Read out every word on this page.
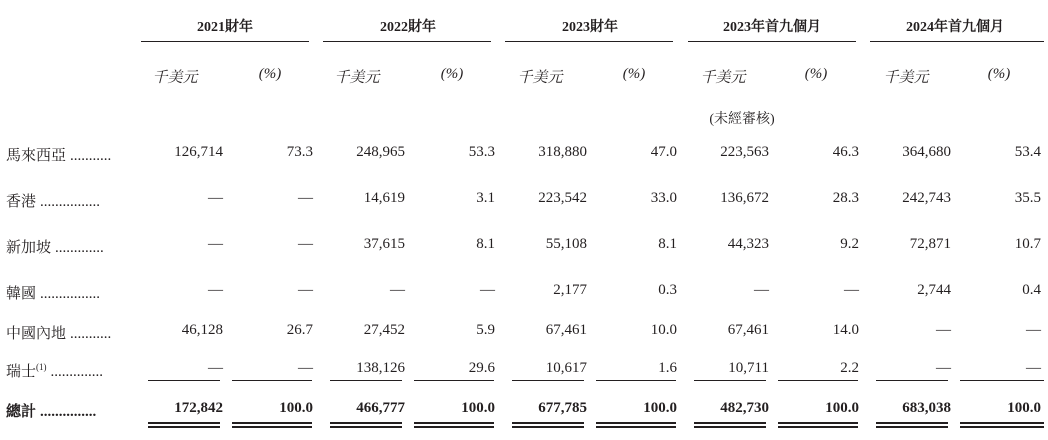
2021財年	2022財年	2023財年	2023年首九個月	2024年首九個月
千美元	(%)	千美元	(%)	千美元	(%)	千美元	(%)	千美元	(%)
(未經審核)
馬來西亞 ...........	126,714	73.3	248,965	53.3	318,880	47.0	223,563	46.3	364,680	53.4
香港 ................	—	—	14,619	3.1	223,542	33.0	136,672	28.3	242,743	35.5
新加坡 .............	—	—	37,615	8.1	55,108	8.1	44,323	9.2	72,871	10.7
韓國 ................	—	—	—	—	2,177	0.3	—	—	2,744	0.4
中國內地 ...........	46,128	26.7	27,452	5.9	67,461	10.0	67,461	14.0	—	—
瑞士$^{(1)}$ ..............	—	—	138,126	29.6	10,617	1.6	10,711	2.2	—	—
總計 ...............	172,842	100.0	466,777	100.0	677,785	100.0	482,730	100.0	683,038	100.0
